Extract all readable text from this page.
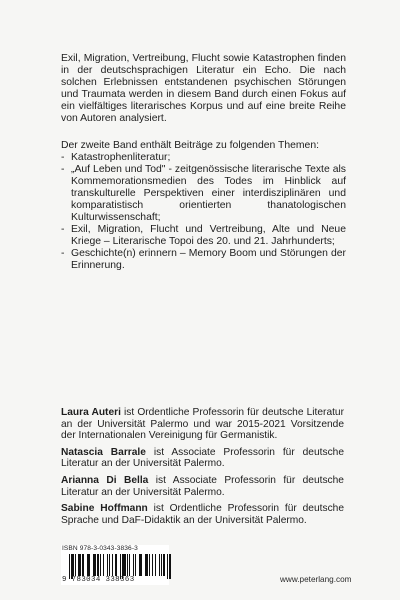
Exil, Migration, Vertreibung, Flucht sowie Katastrophen finden in der deutschsprachigen Literatur ein Echo. Die nach solchen Erlebnissen entstandenen psychischen Störungen und Traumata werden in diesem Band durch einen Fokus auf ein vielfältiges literarisches Korpus und auf eine breite Reihe von Autoren analysiert.

Der zweite Band enthält Beiträge zu folgenden Themen:

- Katastrophenliteratur;
- „Auf Leben und Tod" - zeitgenössische literarische Texte als Kommemorationsmedien des Todes im Hinblick auf transkulturelle Perspektiven einer interdisziplinären und komparatistisch orientierten thanatologischen Kulturwissenschaft;
- Exil, Migration, Flucht und Vertreibung, Alte und Neue Kriege – Literarische Topoi des 20. und 21. Jahrhunderts;
- Geschichte(n) erinnern – Memory Boom und Störungen der Erinnerung.

Laura Auteri ist Ordentliche Professorin für deutsche Literatur an der Universität Palermo und war 2015-2021 Vorsitzende der Internationalen Vereinigung für Germanistik.

Natascia Barrale ist Associate Professorin für deutsche Literatur an der Universität Palermo.

Arianna Di Bella ist Associate Professorin für deutsche Literatur an der Universität Palermo.

Sabine Hoffmann ist Ordentliche Professorin für deutsche Sprache und DaF-Didaktik an der Universität Palermo.

ISBN 978-3-0343-3836-3
9 783034 338363	www.peterlang.com
